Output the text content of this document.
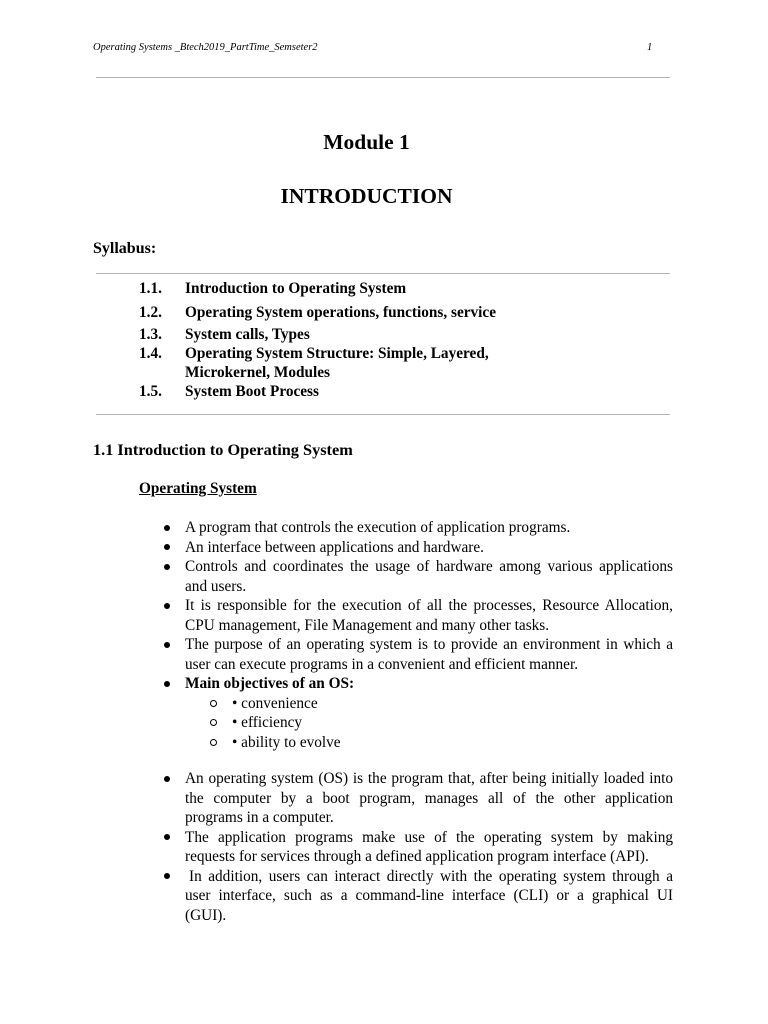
Operating Systems _Btech2019_PartTime_Semseter2	1
Module 1
INTRODUCTION
Syllabus:
1.1. Introduction to Operating System
1.2. Operating System operations, functions, service
1.3. System calls, Types
1.4. Operating System Structure: Simple, Layered,
Microkernel, Modules
1.5. System Boot Process
1.1 Introduction to Operating System
Operating System
A program that controls the execution of application programs.
An interface between applications and hardware.
Controls and coordinates the usage of hardware among various applications
and users.
It is responsible for the execution of all the processes, Resource Allocation,
CPU management, File Management and many other tasks.
The purpose of an operating system is to provide an environment in which a
user can execute programs in a convenient and efficient manner.
Main objectives of an OS:
• convenience
• efficiency
• ability to evolve
An operating system (OS) is the program that, after being initially loaded into
the computer by a boot program, manages all of the other application
programs in a computer.
The application programs make use of the operating system by making
requests for services through a defined application program interface (API).
In addition, users can interact directly with the operating system through a
user interface, such as a command-line interface (CLI) or a graphical UI
(GUI).
